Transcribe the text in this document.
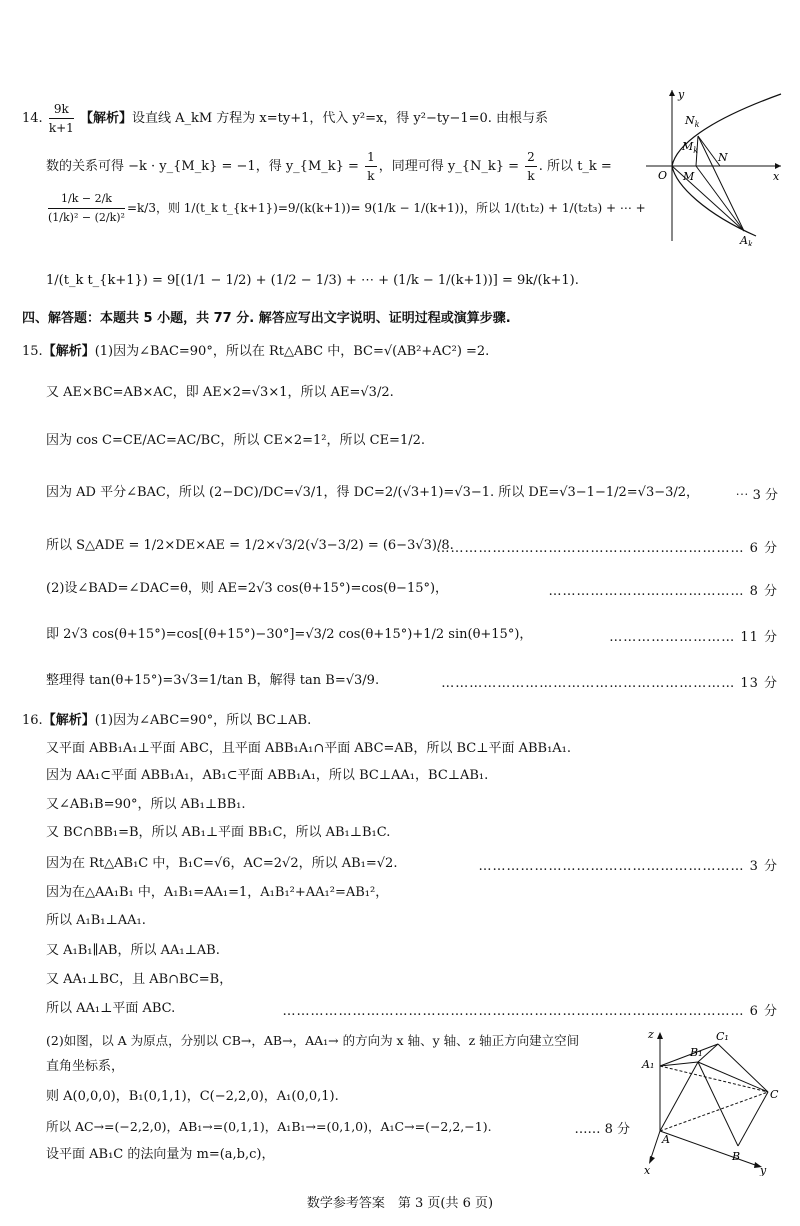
14. $\frac{9k}{k+1}$ 【解析】设直线 A_kM 方程为 x=ty+1，代入 y²=x，得 y²−ty−1=0. 由根与系
数的关系可得 −k · y_{M_k} = −1，得 y_{M_k} = $\frac{1}{k}$ ，同理可得 y_{N_k} = $\frac{2}{k}$ . 所以 t_k =
$\frac{1/k - 2/k}{\text{(1/k)² − (2/k)²}} =k/3$，则 1/(t_k t_{k+1})=9/(k(k+1))= 9(1/k − 1/(k+1))，所以 1/(t₁t₂) + 1/(t₂t₃) + ⋯ +
1/(t_k t_{k+1}) = 9[(1/1 − 1/2) + (1/2 − 1/3) + ⋯ + (1/k − 1/(k+1))] = 9k/(k+1).
y
x
O
$N_k$
$M_k$
M
N
$A_k$
四、解答题：本题共 5 小题，共 77 分. 解答应写出文字说明、证明过程或演算步骤.
15.【解析】(1)因为∠BAC=90°，所以在 Rt△ABC 中，BC=√(AB²+AC²) =2.
又 AE×BC=AB×AC，即 AE×2=√3×1，所以 AE=√3/2.
因为 cos C=CE/AC=AC/BC，所以 CE×2=1²，所以 CE=1/2.
因为 AD 平分∠BAC，所以 (2−DC)/DC=√3/1，得 DC=2/(√3+1)=√3−1. 所以 DE=√3−1−1/2=√3−3/2，	⋯ 3 分
所以 S△ADE = 1/2×DE×AE = 1/2×√3/2(√3−3/2) = (6−3√3)/8.
………………………………………………………… 6 分
(2)设∠BAD=∠DAC=θ，则 AE=2√3 cos(θ+15°)=cos(θ−15°)，	…………………………………… 8 分
即 2√3 cos(θ+15°)=cos[(θ+15°)−30°]=√3/2 cos(θ+15°)+1/2 sin(θ+15°)，	……………………… 11 分
整理得 tan(θ+15°)=3√3=1/tan B，解得 tan B=√3/9.	……………………………………………………… 13 分
16.【解析】(1)因为∠ABC=90°，所以 BC⊥AB.
又平面 ABB₁A₁⊥平面 ABC，且平面 ABB₁A₁∩平面 ABC=AB，所以 BC⊥平面 ABB₁A₁.
因为 AA₁⊂平面 ABB₁A₁，AB₁⊂平面 ABB₁A₁，所以 BC⊥AA₁，BC⊥AB₁.
又∠AB₁B=90°，所以 AB₁⊥BB₁.
又 BC∩BB₁=B，所以 AB₁⊥平面 BB₁C，所以 AB₁⊥B₁C.
因为在 Rt△AB₁C 中，B₁C=√6，AC=2√2，所以 AB₁=√2.	………………………………………………… 3 分
因为在△AA₁B₁ 中，A₁B₁=AA₁=1，A₁B₁²+AA₁²=AB₁²，
所以 A₁B₁⊥AA₁.
又 A₁B₁∥AB，所以 AA₁⊥AB.
又 AA₁⊥BC，且 AB∩BC=B，
所以 AA₁⊥平面 ABC.	……………………………………………………………………………………… 6 分
(2)如图，以 A 为原点，分别以 CB→，AB→，AA₁→ 的方向为 x 轴、y 轴、z 轴正方向建立空间
直角坐标系，
则 A(0,0,0)，B₁(0,1,1)，C(−2,2,0)，A₁(0,0,1).
所以 AC→=(−2,2,0)，AB₁→=(0,1,1)，A₁B₁→=(0,1,0)，A₁C→=(−2,2,−1).	…… 8 分
设平面 AB₁C 的法向量为 m=(a,b,c)，
z
x	y
A
A₁
B
B₁
C
C₁
数学参考答案　第 3 页(共 6 页)
